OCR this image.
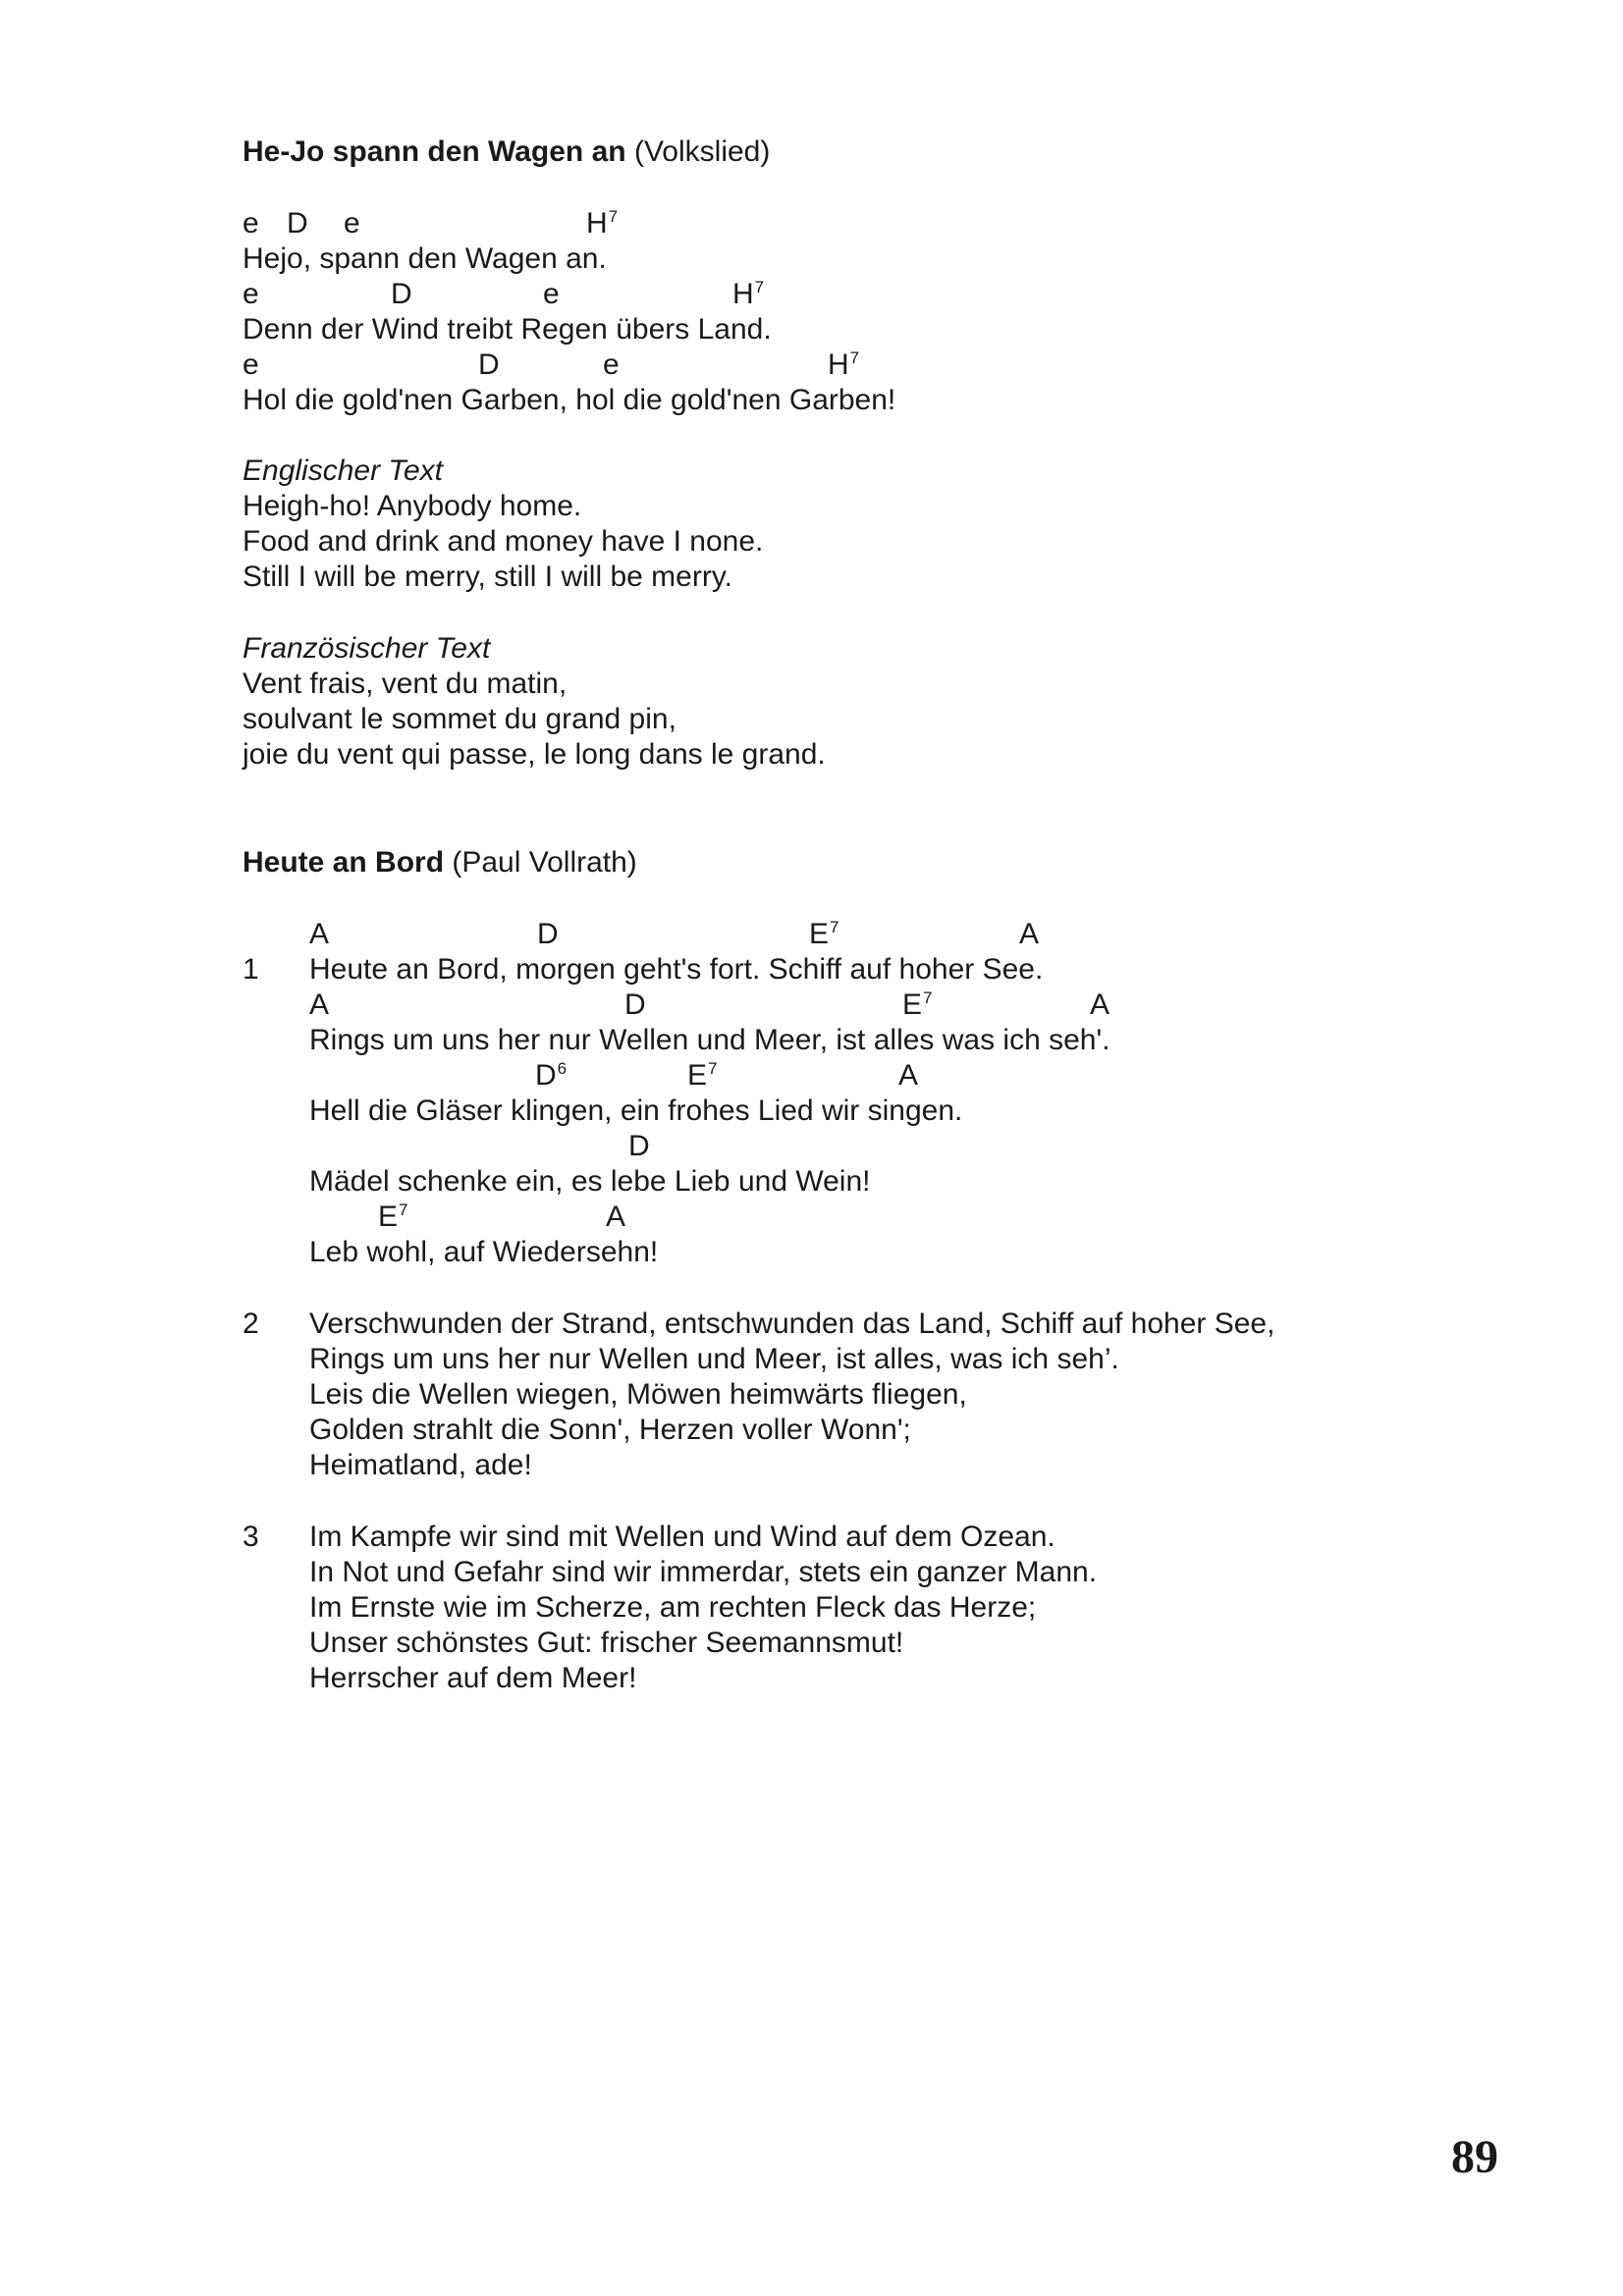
He-Jo spann den Wagen an (Volkslied)
e D e	$H^7$
Hejo, spann den Wagen an.
e	D	e	$H^7$
Denn der Wind treibt Regen übers Land.
e	D	e	$H^7$
Hol die gold'nen Garben, hol die gold'nen Garben!
Englischer Text
Heigh-ho! Anybody home.
Food and drink and money have I none.
Still I will be merry, still I will be merry.
Französischer Text
Vent frais, vent du matin,
soulvant le sommet du grand pin,
joie du vent qui passe, le long dans le grand.
Heute an Bord (Paul Vollrath)
A	D	$E^7$	A
1 Heute an Bord, morgen geht's fort. Schiff auf hoher See.
A	D	$E^7$	A
Rings um uns her nur Wellen und Meer, ist alles was ich seh'.
$D^6$	$E^7$	A
Hell die Gläser klingen, ein frohes Lied wir singen.
D
Mädel schenke ein, es lebe Lieb und Wein!
$E^7$	A
Leb wohl, auf Wiedersehn!
2 Verschwunden der Strand, entschwunden das Land, Schiff auf hoher See,
Rings um uns her nur Wellen und Meer, ist alles, was ich seh’.
Leis die Wellen wiegen, Möwen heimwärts fliegen,
Golden strahlt die Sonn', Herzen voller Wonn';
Heimatland, ade!
3 Im Kampfe wir sind mit Wellen und Wind auf dem Ozean.
In Not und Gefahr sind wir immerdar, stets ein ganzer Mann.
Im Ernste wie im Scherze, am rechten Fleck das Herze;
Unser schönstes Gut: frischer Seemannsmut!
Herrscher auf dem Meer!
89
